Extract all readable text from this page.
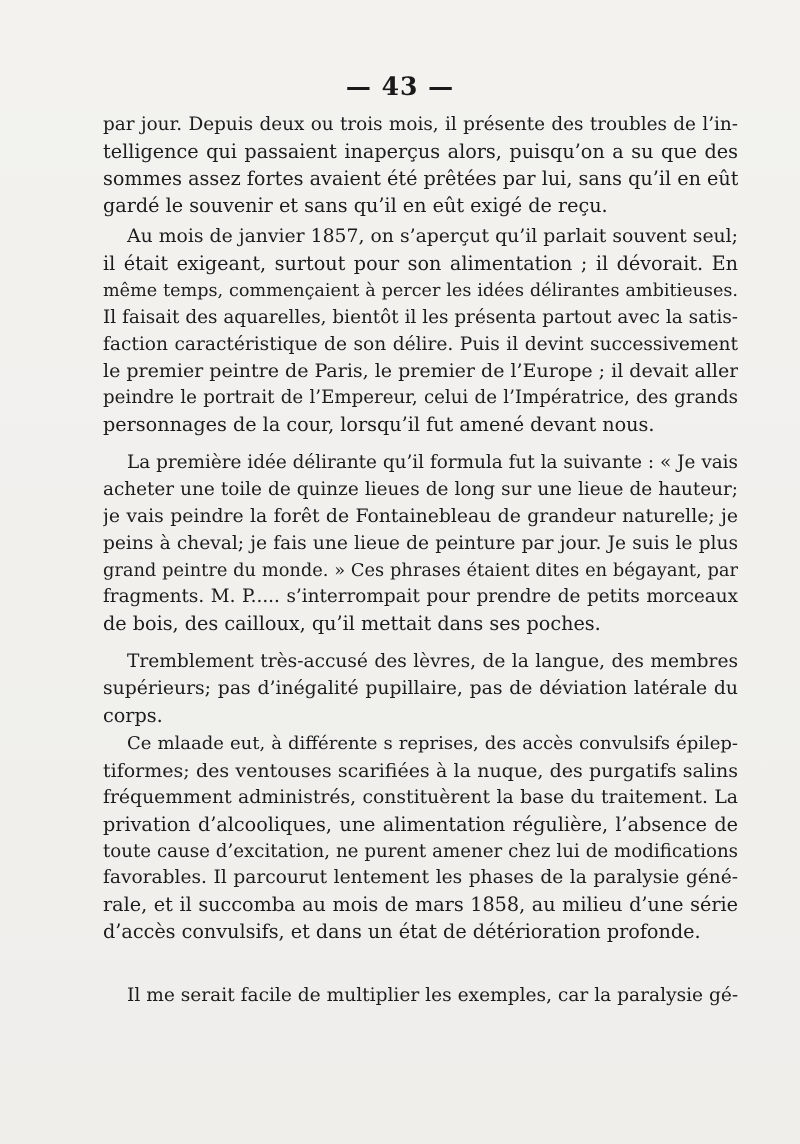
— 43 —
par jour. Depuis deux ou trois mois, il présente des troubles de l’in-
telligence qui passaient inaperçus alors, puisqu’on a su que des
sommes assez fortes avaient été prêtées par lui, sans qu’il en eût
gardé le souvenir et sans qu’il en eût exigé de reçu.
Au mois de janvier 1857, on s’aperçut qu’il parlait souvent seul;
il était exigeant, surtout pour son alimentation ; il dévorait. En
même temps, commençaient à percer les idées délirantes ambitieuses.
Il faisait des aquarelles, bientôt il les présenta partout avec la satis-
faction caractéristique de son délire. Puis il devint successivement
le premier peintre de Paris, le premier de l’Europe ; il devait aller
peindre le portrait de l’Empereur, celui de l’Impératrice, des grands
personnages de la cour, lorsqu’il fut amené devant nous.
La première idée délirante qu’il formula fut la suivante : « Je vais
acheter une toile de quinze lieues de long sur une lieue de hauteur;
je vais peindre la forêt de Fontainebleau de grandeur naturelle; je
peins à cheval; je fais une lieue de peinture par jour. Je suis le plus
grand peintre du monde. » Ces phrases étaient dites en bégayant, par
fragments. M. P..... s’interrompait pour prendre de petits morceaux
de bois, des cailloux, qu’il mettait dans ses poches.
Tremblement très-accusé des lèvres, de la langue, des membres
supérieurs; pas d’inégalité pupillaire, pas de déviation latérale du
corps.
Ce mlaade eut, à différente s reprises, des accès convulsifs épilep-
tiformes; des ventouses scarifiées à la nuque, des purgatifs salins
fréquemment administrés, constituèrent la base du traitement. La
privation d’alcooliques, une alimentation régulière, l’absence de
toute cause d’excitation, ne purent amener chez lui de modifications
favorables. Il parcourut lentement les phases de la paralysie géné-
rale, et il succomba au mois de mars 1858, au milieu d’une série
d’accès convulsifs, et dans un état de détérioration profonde.
Il me serait facile de multiplier les exemples, car la paralysie gé-
